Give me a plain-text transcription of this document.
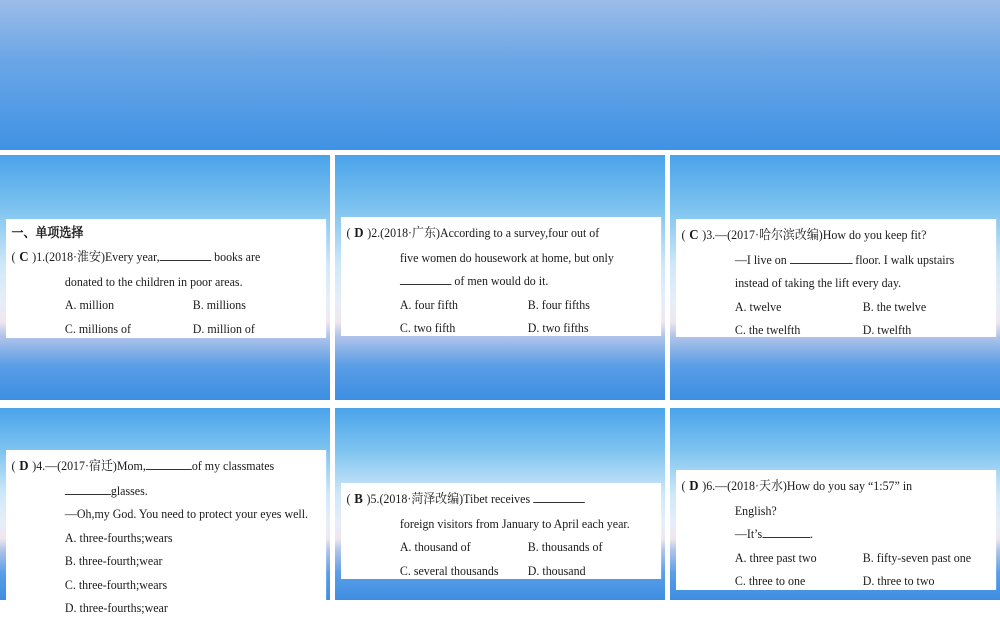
一、单项选择
( C )1.(2018·淮安)Every year,	books are
donated to the children in poor areas.
A. million	B. millions
C. millions of	D. million of
( D )2.(2018·广东)According to a survey,four out of
five women do housework at home, but only
of men would do it.
A. four fifth	B. four fifths
C. two fifth	D. two fifths
( C )3.—(2017·哈尔滨改编)How do you keep fit?
—I live on	floor. I walk upstairs
instead of taking the lift every day.
A. twelve	B. the twelve
C. the twelfth	D. twelfth
( D )4.—(2017·宿迁)Mom,	of my classmates
glasses.
—Oh,my God. You need to protect your eyes well.
A. three-fourths;wears
B. three-fourth;wear
C. three-fourth;wears
D. three-fourths;wear
( B )5.(2018·菏泽改编)Tibet receives
foreign visitors from January to April each year.
A. thousand of	B. thousands of
C. several thousands	D. thousand
( D )6.—(2018·天水)How do you say “1:57” in
English?
—It’s	.
A. three past two	B. fifty-seven past one
C. three to one	D. three to two
